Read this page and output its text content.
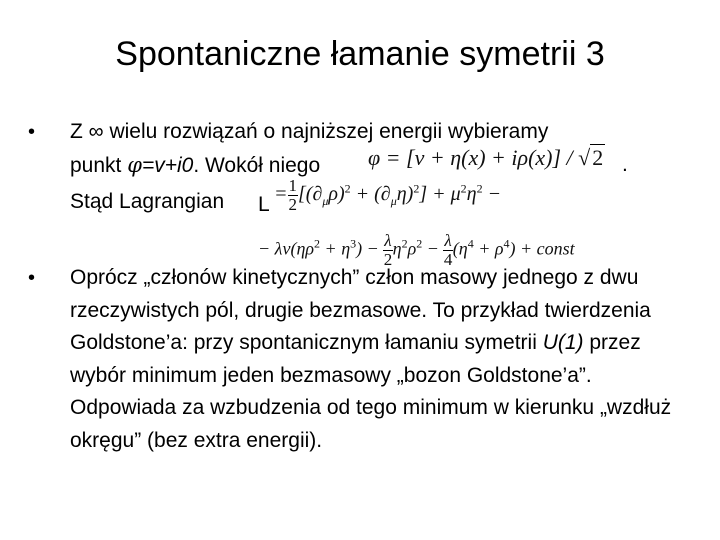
Spontaniczne łamanie symetrii 3
• Z ∞ wielu rozwiązań o najniższej energii wybieramy
punkt φ=v+i0. Wokół niego	.
Stąd Lagrangian L
φ = [v + η(x) + iρ(x)] / √2
= $\frac{1}{2} [(\partial_\mu\rho)^2 + (\partial_\mu\eta)^2] + \mu^2\eta^2$ −
− $\lambda v(\eta\rho^2 + \eta^3) - \frac{\lambda}{2} \eta^2\rho^2 - \frac{\lambda}{4} (\eta^4 + \rho^4)$ + const
• Oprócz „członów kinetycznych” człon masowy jednego z dwu rzeczywistych pól, drugie bezmasowe. To przykład twierdzenia Goldstone’a: przy spontanicznym łamaniu symetrii U(1) przez wybór minimum jeden bezmasowy „bozon Goldstone’a”. Odpowiada za wzbudzenia od tego minimum w kierunku „wzdłuż okręgu” (bez extra energii).
